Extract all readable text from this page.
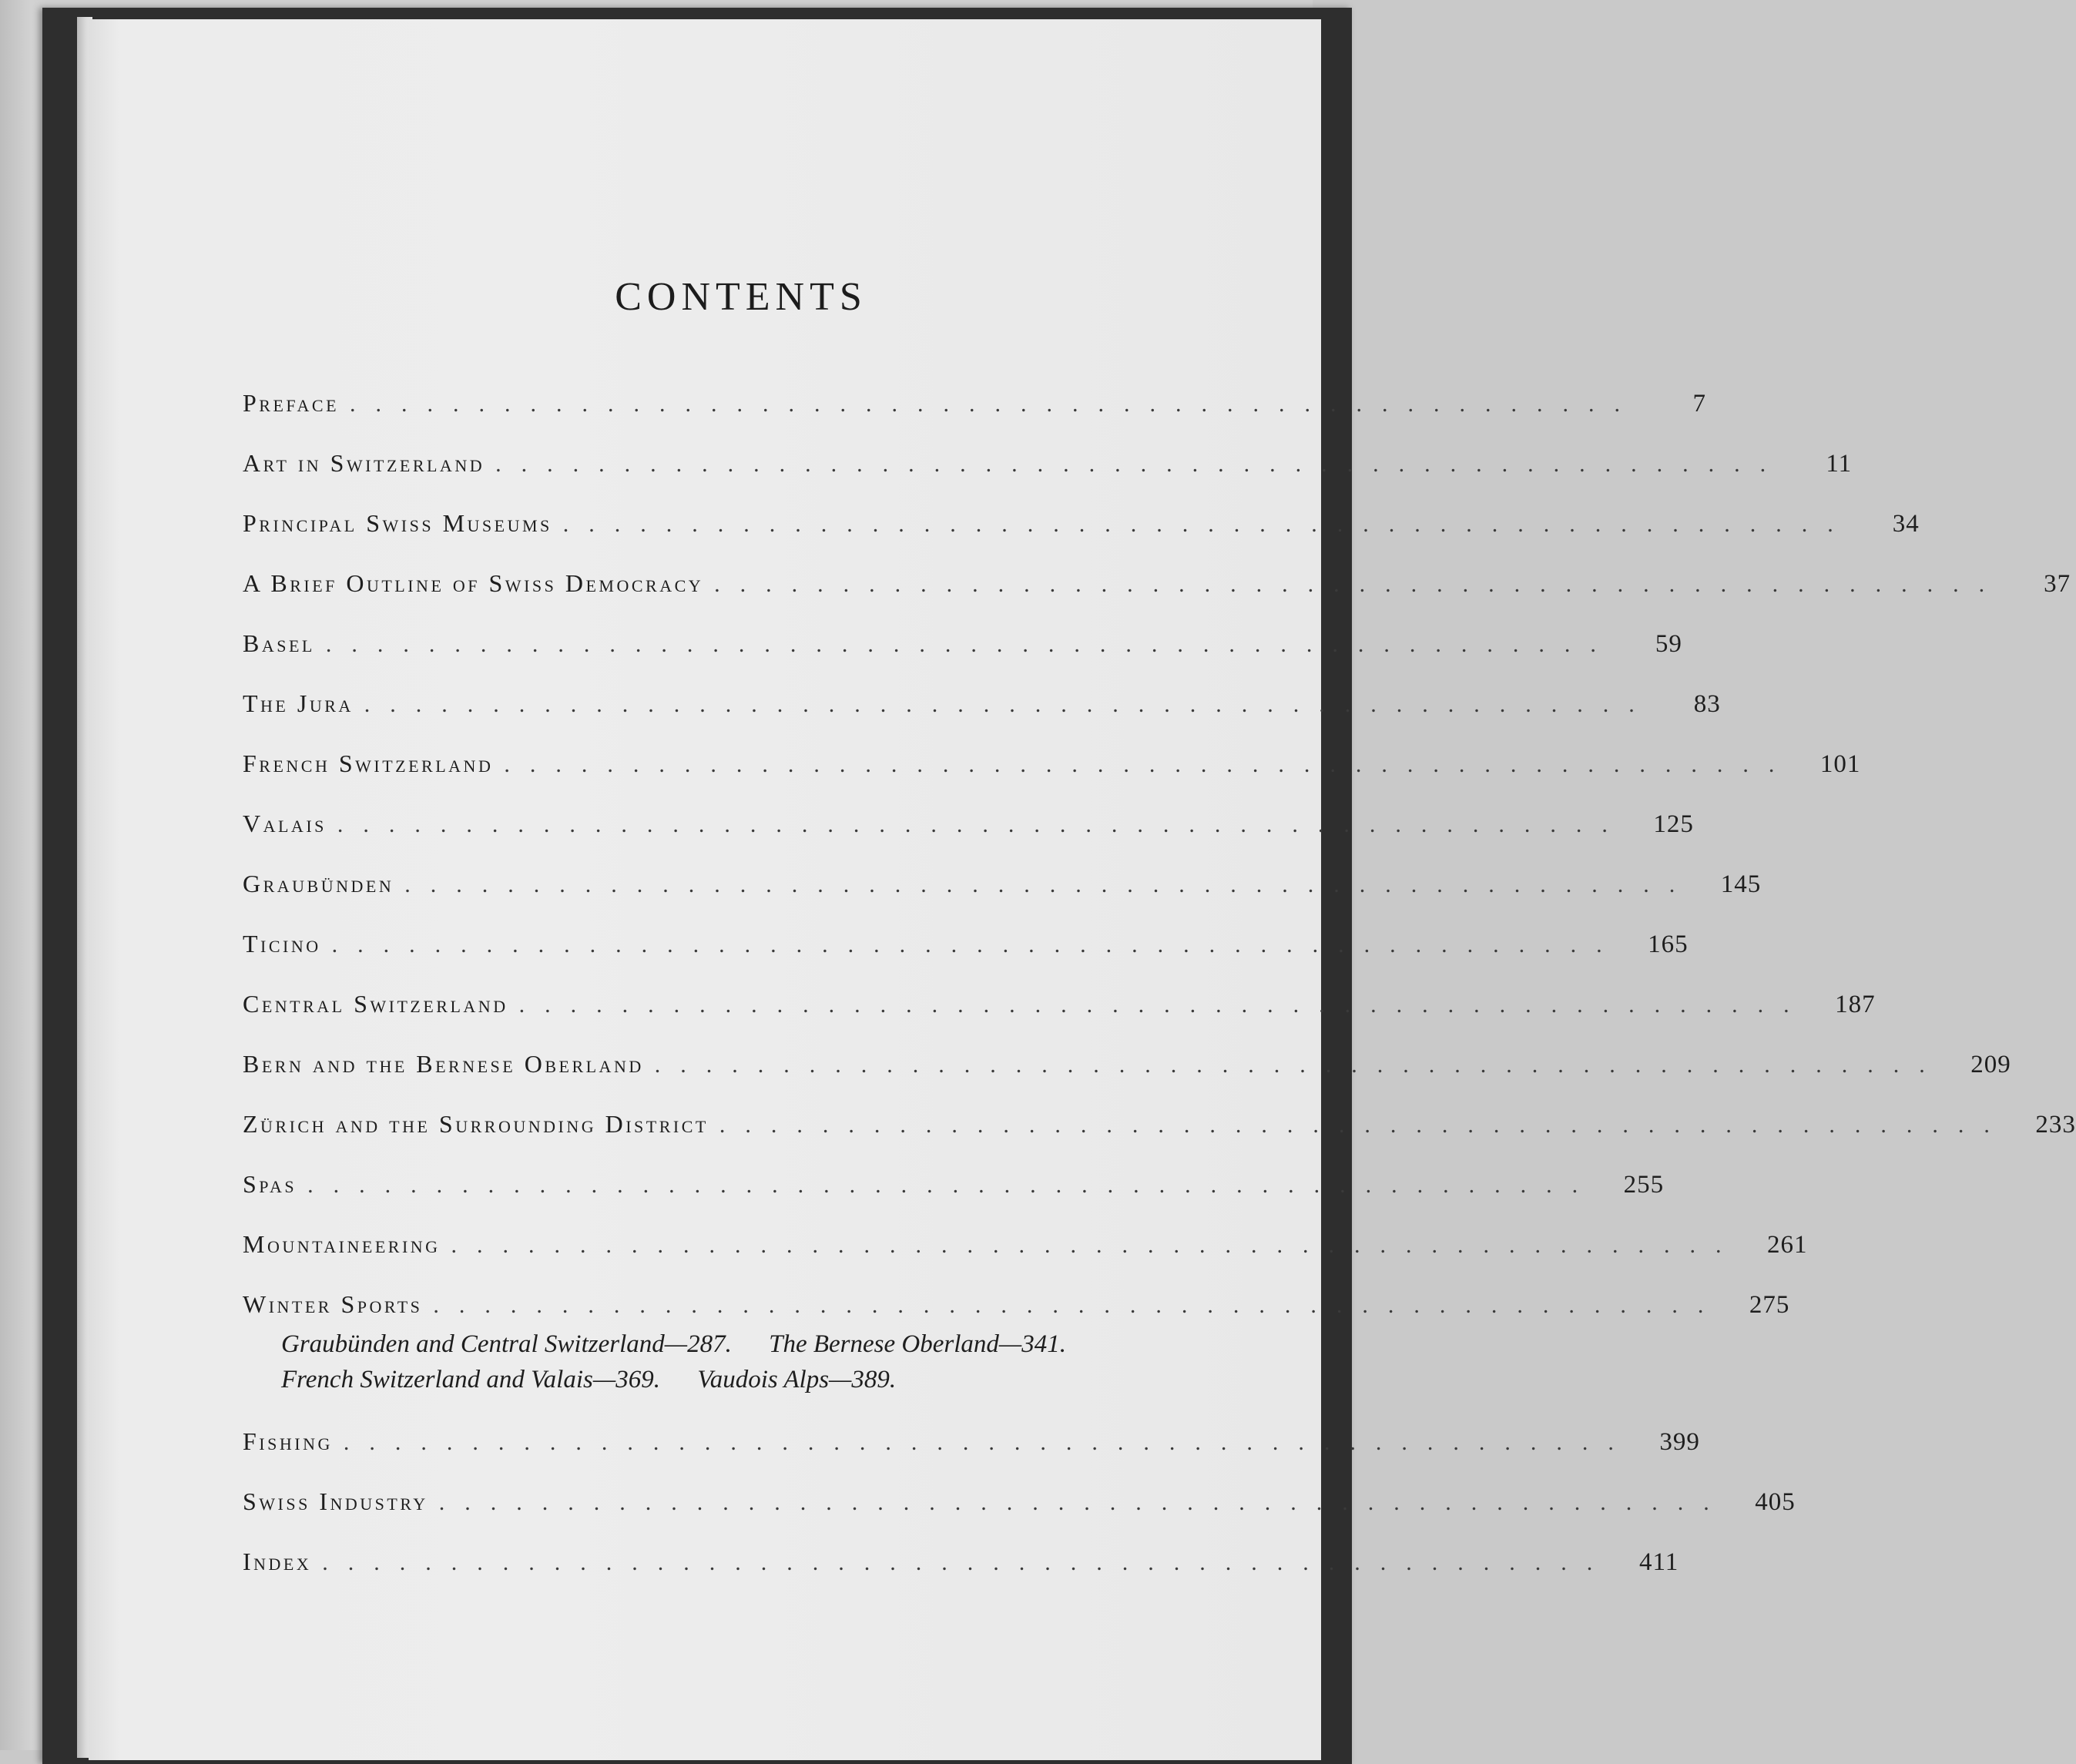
CONTENTS
Preface ..................................................	7
Art in Switzerland ..................................................	11
Principal Swiss Museums ..................................................	34
A Brief Outline of Swiss Democracy ..................................................	37
Basel ..................................................	59
The Jura ..................................................	83
French Switzerland .................................................. 101
Valais .................................................. 125
Graubünden .................................................. 145
Ticino .................................................. 165
Central Switzerland .................................................. 187
Bern and the Bernese Oberland .................................................. 209
Zürich and the Surrounding District .................................................. 233
Spas .................................................. 255
Mountaineering .................................................. 261
Winter Sports .................................................. 275
Graubünden and Central Switzerland—287. The Bernese Oberland—341.
French Switzerland and Valais—369. Vaudois Alps—389.
Fishing .................................................. 399
Swiss Industry .................................................. 405
Index ..................................................	411
